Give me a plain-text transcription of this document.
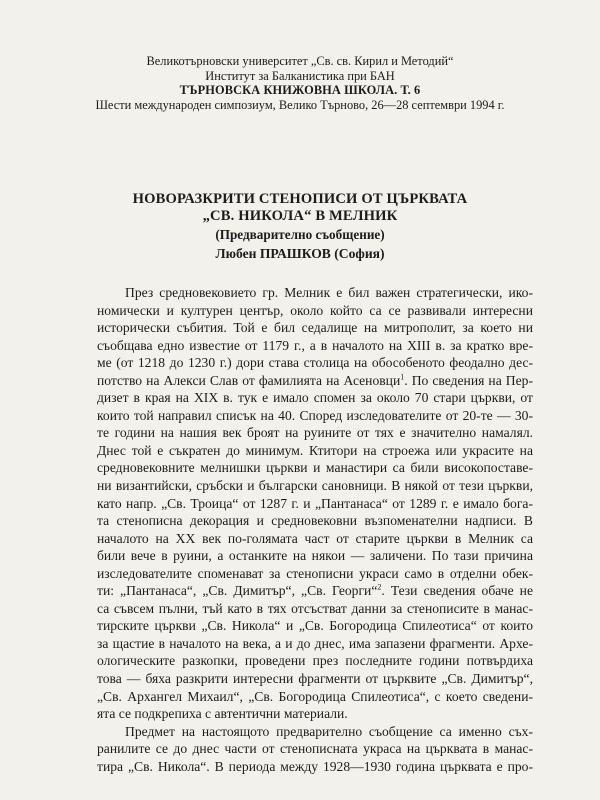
Великотърновски университет „Св. св. Кирил и Методий“
Институт за Балканистика при БАН
ТЪРНОВСКА КНИЖОВНА ШКОЛА. Т. 6
Шести международен симпозиум, Велико Търново, 26—28 септември 1994 г.
НОВОРАЗКРИТИ СТЕНОПИСИ ОТ ЦЪРКВАТА
„СВ. НИКОЛА“ В МЕЛНИК
(Предварително съобщение)
Любен ПРАШКОВ (София)

През средновековието гр. Мелник е бил важен стратегически, ико-
номически и културен център, около който са се развивали интересни
исторически събития. Той е бил седалище на митрополит, за което ни
съобщава едно известие от 1179 г., а в началото на XIII в. за кратко вре-
ме (от 1218 до 1230 г.) дори става столица на обособеното феодално дес-
потство на Алекси Слав от фамилията на Асеновци$^1$. По сведения на Пер-
дизет в края на XIX в. тук е имало спомен за около 70 стари църкви, от
които той направил списък на 40. Според изследователите от 20-те — 30-
те години на нашия век броят на руините от тях е значително намалял.
Днес той е съкратен до минимум. Ктитори на строежа или украсите на
средновековните мелнишки църкви и манастири са били високопоставе-
ни византийски, сръбски и български сановници. В някой от тези църкви,
като напр. „Св. Троица“ от 1287 г. и „Пантанаса“ от 1289 г. е имало бога-
та стенописна декорация и средновековни възпоменателни надписи. В
началото на XX век по-голямата част от старите църкви в Мелник са
били вече в руини, а останките на някои — заличени. По тази причина
изследователите споменават за стенописни украси само в отделни обек-
ти: „Пантанаса“, „Св. Димитър“, „Св. Георги“$^2$. Тези сведения обаче не
са съвсем пълни, тъй като в тях отсъстват данни за стенописите в манас-
тирските църкви „Св. Никола“ и „Св. Богородица Спилеотиса“ от които
за щастие в началото на века, а и до днес, има запазени фрагменти. Архе-
ологическите разкопки, проведени през последните години потвърдиха
това — бяха разкрити интересни фрагменти от църквите „Св. Димитър“,
„Св. Архангел Михаил“, „Св. Богородица Спилеотиса“, с което сведени-
ята се подкрепиха с автентични материали.

Предмет на настоящото предварително съобщение са именно съх-
ранилите се до днес части от стенописната украса на църквата в манас-
тира „Св. Никола“. В периода между 1928—1930 година църквата е про-
